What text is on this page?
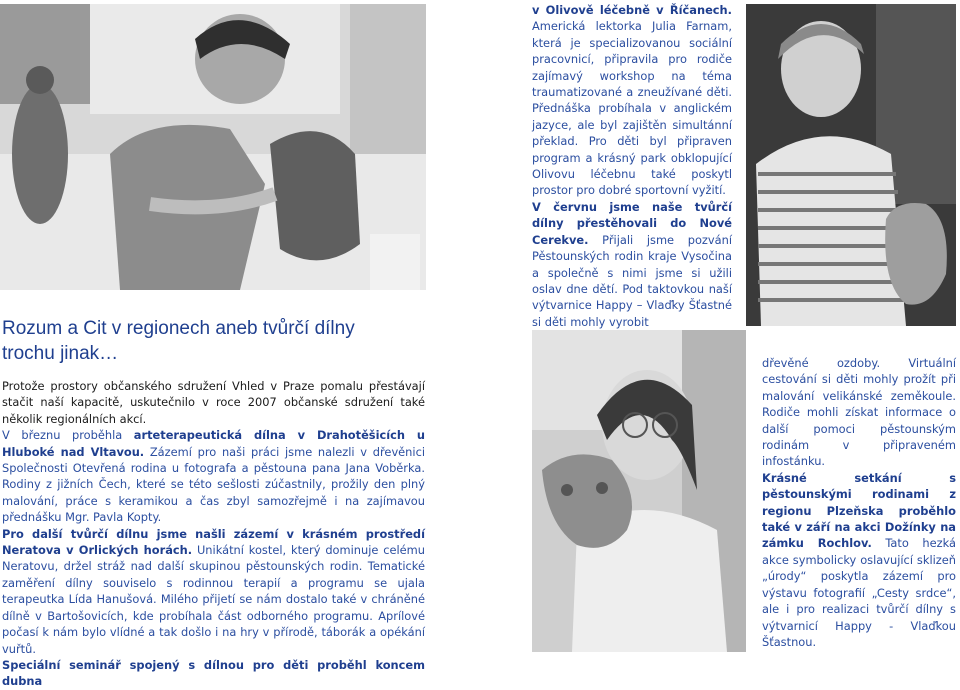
Rozum a Cit v regionech aneb tvůrčí dílny trochu jinak…

Protože prostory občanského sdružení Vhled v Praze pomalu přestávají stačit naší kapacitě, uskutečnilo v roce 2007 občanské sdružení také několik regionálních akcí.

V březnu proběhla arteterapeutická dílna v Drahotěšicích u Hluboké nad Vltavou. Zázemí pro naši práci jsme nalezli v dřevěnici Společnosti Otevřená rodina u fotografa a pěstouna pana Jana Voběrka. Rodiny z jižních Čech, které se této sešlosti zúčastnily, prožily den plný malování, práce s keramikou a čas zbyl samozřejmě i na zajímavou přednášku Mgr. Pavla Kopty.

Pro další tvůrčí dílnu jsme našli zázemí v krásném prostředí Neratova v Orlických horách. Unikátní kostel, který dominuje celému Neratovu, držel stráž nad další skupinou pěstounských rodin. Tematické zaměření dílny souviselo s rodinnou terapií a programu se ujala terapeutka Lída Hanušová. Milého přijetí se nám dostalo také v chráněné dílně v Bartošovicích, kde probíhala část odborného programu. Aprílové počasí k nám bylo vlídné a tak došlo i na hry v přírodě, táborák a opékání vuřtů.

Speciální seminář spojený s dílnou pro děti proběhl koncem dubna

v Olivově léčebně v Říčanech. Americká lektorka Julia Farnam, která je specializovanou sociální pracovnicí, připravila pro rodiče zajímavý workshop na téma traumatizované a zneužívané děti. Přednáška probíhala v anglickém jazyce, ale byl zajištěn simultánní překlad. Pro děti byl připraven program a krásný park obklopující Olivovu léčebnu také poskytl prostor pro dobré sportovní vyžití.

V červnu jsme naše tvůrčí dílny přestěhovali do Nové Cerekve. Přijali jsme pozvání Pěstounských rodin kraje Vysočina a společně s nimi jsme si užili oslav dne dětí. Pod taktovkou naší výtvarnice Happy – Vlaďky Šťastné si děti mohly vyrobit

dřevěné ozdoby. Virtuální cestování si děti mohly prožít při malování velikánské zeměkoule. Rodiče mohli získat informace o další pomoci pěstounským rodinám v připraveném infostánku.

Krásné setkání s pěstounskými rodinami z regionu Plzeňska proběhlo také v září na akci Dožínky na zámku Rochlov. Tato hezká akce symbolicky oslavující sklizeň „úrody“ poskytla zázemí pro výstavu fotografií „Cesty srdce“, ale i pro realizaci tvůrčí dílny s výtvarnicí Happy - Vlaďkou Šťastnou.
